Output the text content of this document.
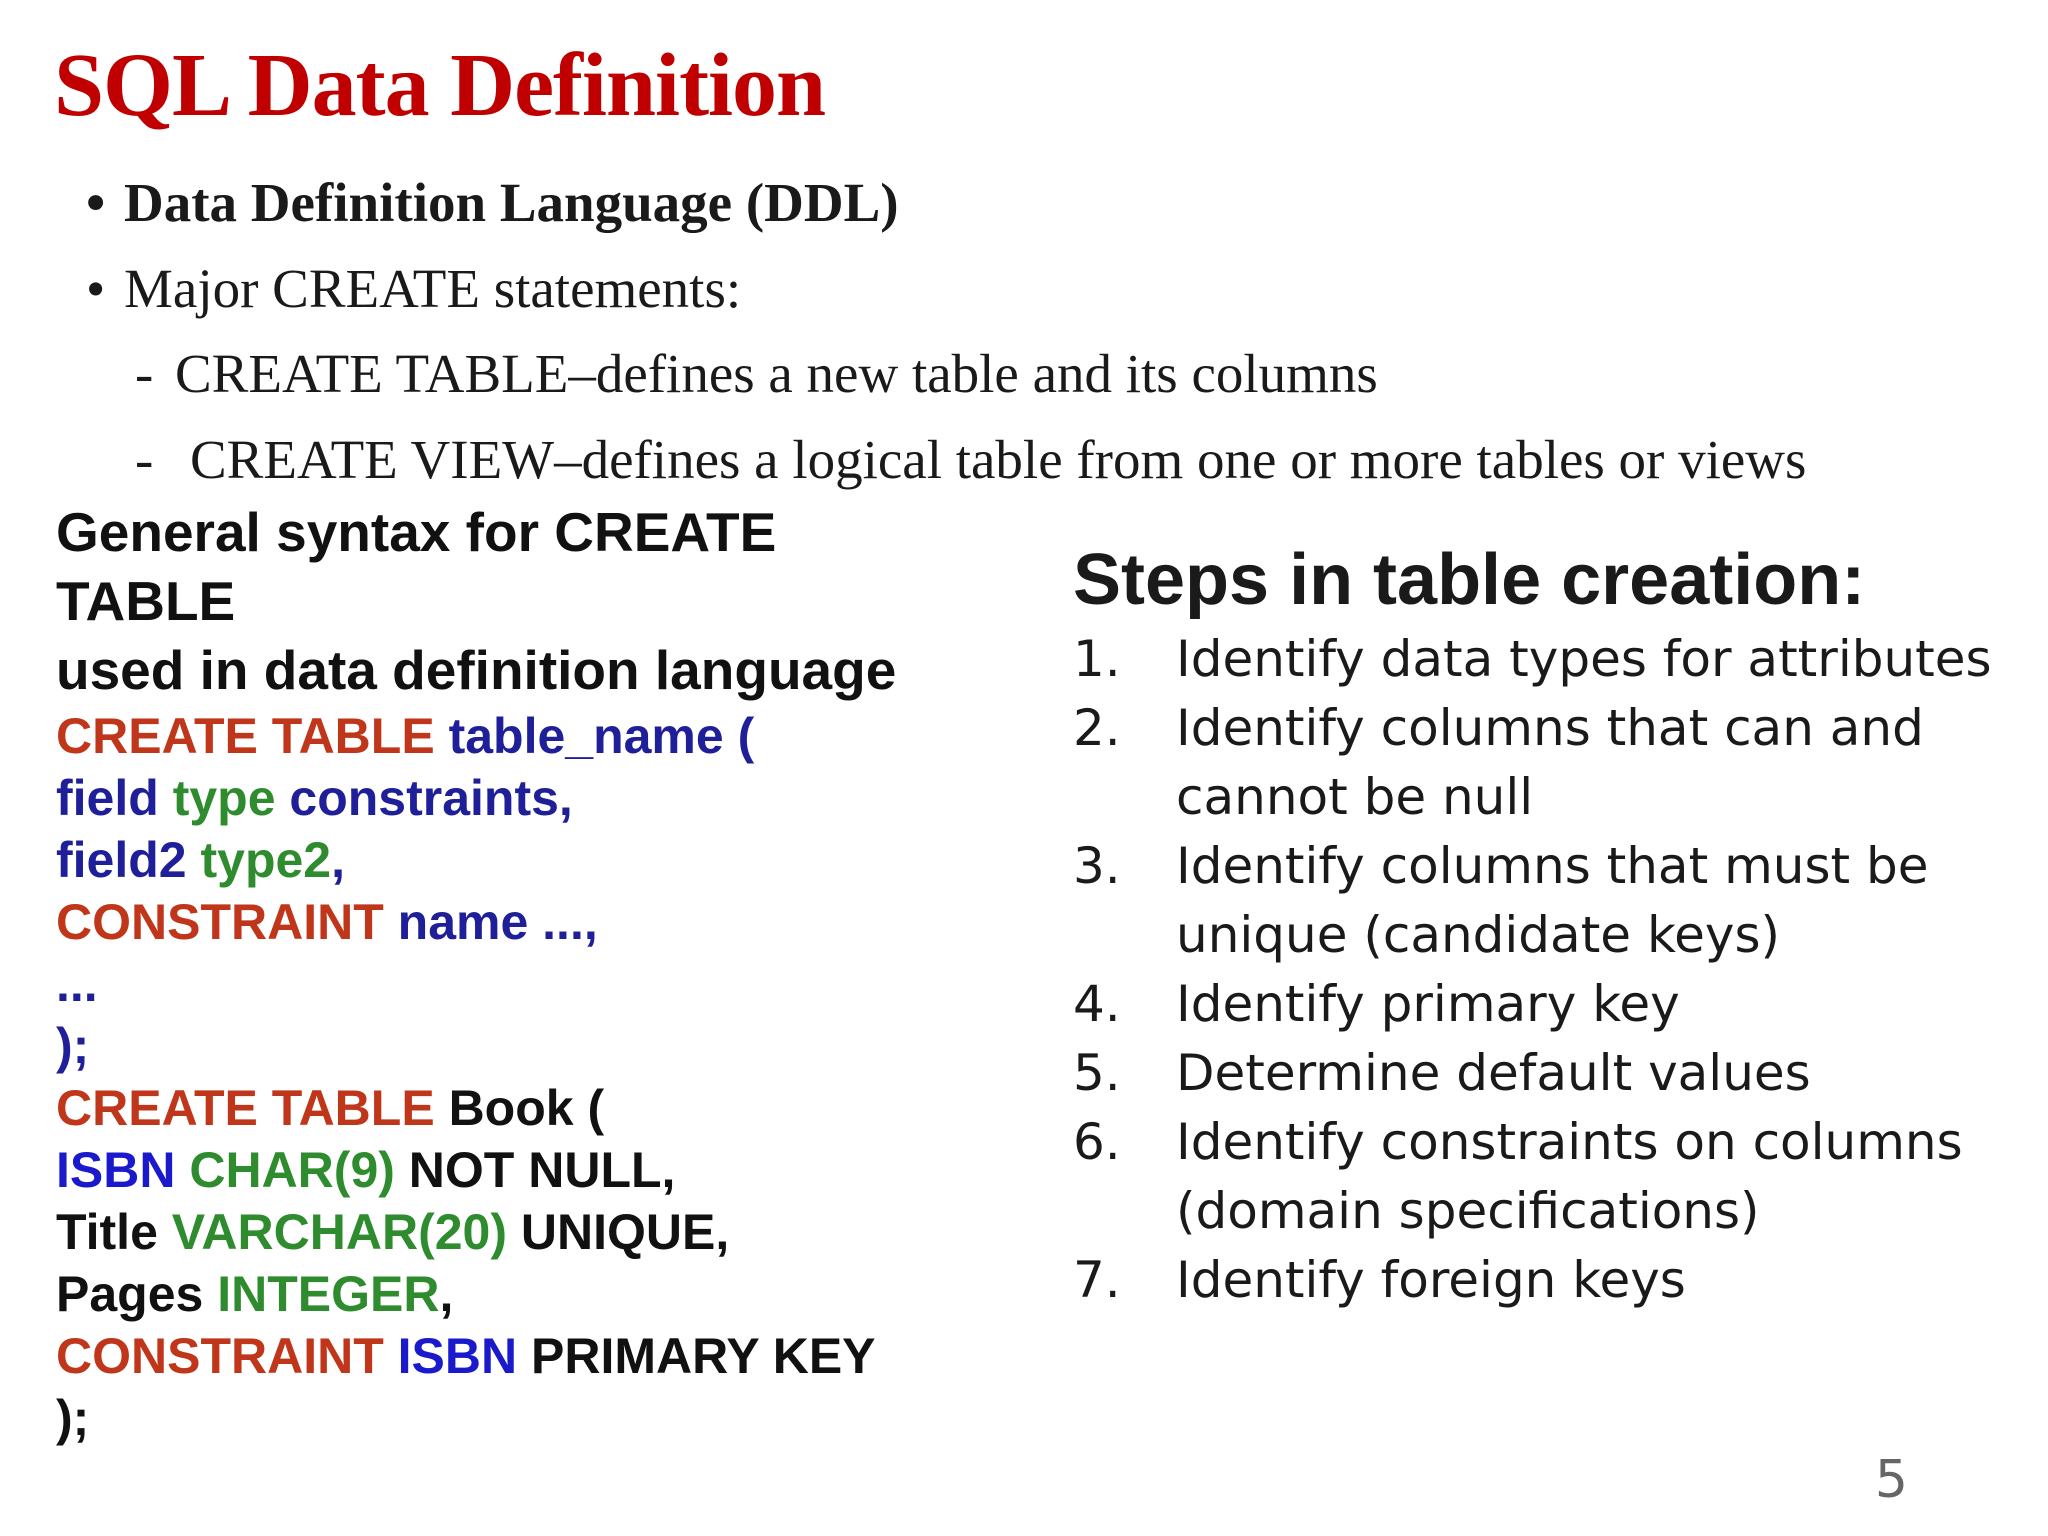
SQL Data Definition
• Data Definition Language (DDL)
• Major CREATE statements:
- CREATE TABLE–defines a new table and its columns
- CREATE VIEW–defines a logical table from one or more tables or views
General syntax for CREATE
TABLE
used in data definition language
CREATE TABLE table_name (
field type constraints,
field2 type2,
CONSTRAINT name ...,
...
);
CREATE TABLE Book (
ISBN CHAR(9) NOT NULL,
Title VARCHAR(20) UNIQUE,
Pages INTEGER,
CONSTRAINT ISBN PRIMARY KEY
);
Steps in table creation:
1.	Identify data types for attributes
2.	Identify columns that can and
cannot be null
3.	Identify columns that must be
unique (candidate keys)
4.	Identify primary key
5.	Determine default values
6.	Identify constraints on columns
(domain specifications)
7.	Identify foreign keys
5
